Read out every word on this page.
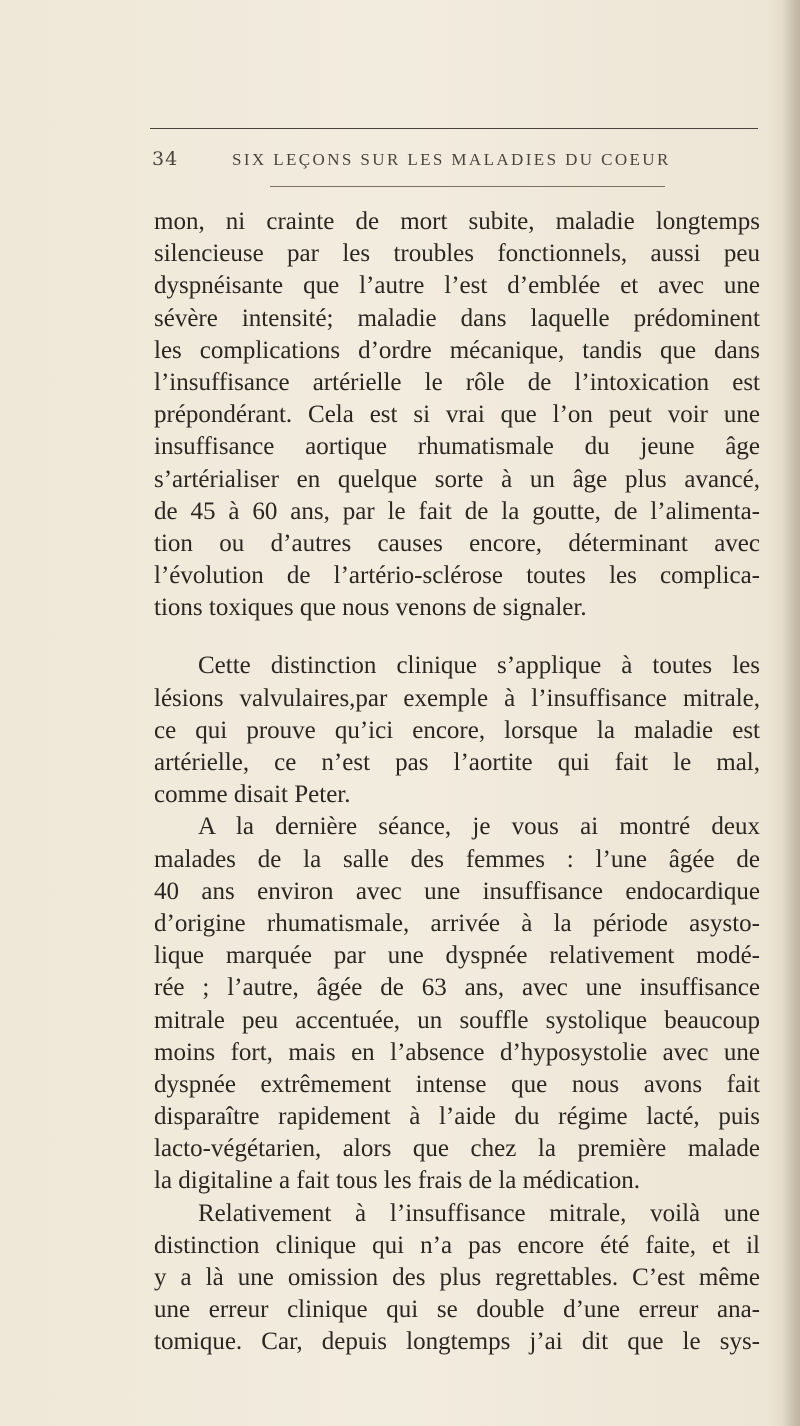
34	SIX LEÇONS SUR LES MALADIES DU COEUR
mon, ni crainte de mort subite, maladie longtemps
silencieuse par les troubles fonctionnels, aussi peu
dyspnéisante que l’autre l’est d’emblée et avec une
sévère intensité; maladie dans laquelle prédominent
les complications d’ordre mécanique, tandis que dans
l’insuffisance artérielle le rôle de l’intoxication est
prépondérant. Cela est si vrai que l’on peut voir une
insuffisance aortique rhumatismale du jeune âge
s’artérialiser en quelque sorte à un âge plus avancé,
de 45 à 60 ans, par le fait de la goutte, de l’alimenta-
tion ou d’autres causes encore, déterminant avec
l’évolution de l’artério-sclérose toutes les complica-
tions toxiques que nous venons de signaler.
Cette distinction clinique s’applique à toutes les
lésions valvulaires,par exemple à l’insuffisance mitrale,
ce qui prouve qu’ici encore, lorsque la maladie est
artérielle, ce n’est pas l’aortite qui fait le mal,
comme disait Peter.
A la dernière séance, je vous ai montré deux
malades de la salle des femmes : l’une âgée de
40 ans environ avec une insuffisance endocardique
d’origine rhumatismale, arrivée à la période asysto-
lique marquée par une dyspnée relativement modé-
rée ; l’autre, âgée de 63 ans, avec une insuffisance
mitrale peu accentuée, un souffle systolique beaucoup
moins fort, mais en l’absence d’hyposystolie avec une
dyspnée extrêmement intense que nous avons fait
disparaître rapidement à l’aide du régime lacté, puis
lacto-végétarien, alors que chez la première malade
la digitaline a fait tous les frais de la médication.
Relativement à l’insuffisance mitrale, voilà une
distinction clinique qui n’a pas encore été faite, et il
y a là une omission des plus regrettables. C’est même
une erreur clinique qui se double d’une erreur ana-
tomique. Car, depuis longtemps j’ai dit que le sys-
